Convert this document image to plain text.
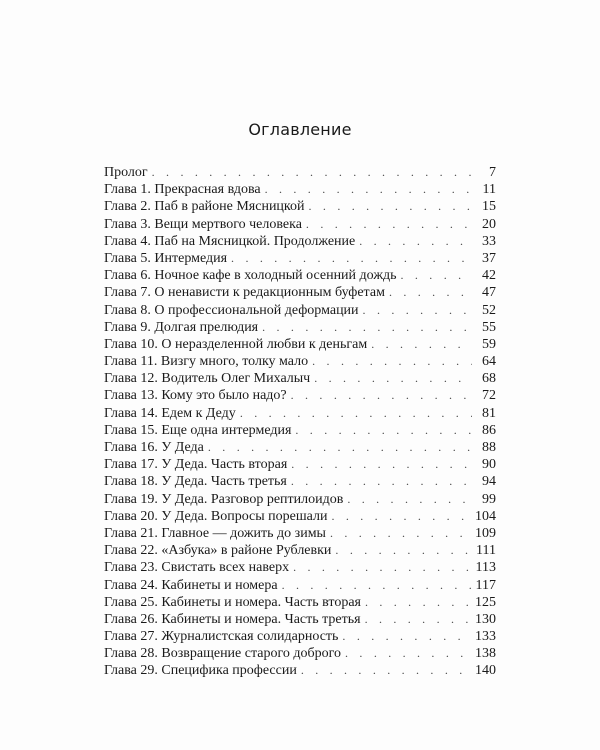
Оглавление
Пролог . . .	7
Глава 1. Прекрасная вдова . . .	11
Глава 2. Паб в районе Мясницкой . . .	15
Глава 3. Вещи мертвого человека . . .	20
Глава 4. Паб на Мясницкой. Продолжение . . .	33
Глава 5. Интермедия . . .	37
Глава 6. Ночное кафе в холодный осенний дождь . . .	42
Глава 7. О ненависти к редакционным буфетам . . .	47
Глава 8. О профессиональной деформации . . .	52
Глава 9. Долгая прелюдия . . .	55
Глава 10. О неразделенной любви к деньгам . . .	59
Глава 11. Визгу много, толку мало . . .	64
Глава 12. Водитель Олег Михалыч . . .	68
Глава 13. Кому это было надо? . . .	72
Глава 14. Едем к Деду . . .	81
Глава 15. Еще одна интермедия . . .	86
Глава 16. У Деда . . .	88
Глава 17. У Деда. Часть вторая . . .	90
Глава 18. У Деда. Часть третья . . .	94
Глава 19. У Деда. Разговор рептилоидов . . .	99
Глава 20. У Деда. Вопросы порешали . . .	104
Глава 21. Главное — дожить до зимы . . .	109
Глава 22. «Азбука» в районе Рублевки . . .	111
Глава 23. Свистать всех наверх . . .	113
Глава 24. Кабинеты и номера . . .	117
Глава 25. Кабинеты и номера. Часть вторая . . .	125
Глава 26. Кабинеты и номера. Часть третья . . .	130
Глава 27. Журналистская солидарность . . .	133
Глава 28. Возвращение старого доброго . . .	138
Глава 29. Специфика профессии . . .	140
